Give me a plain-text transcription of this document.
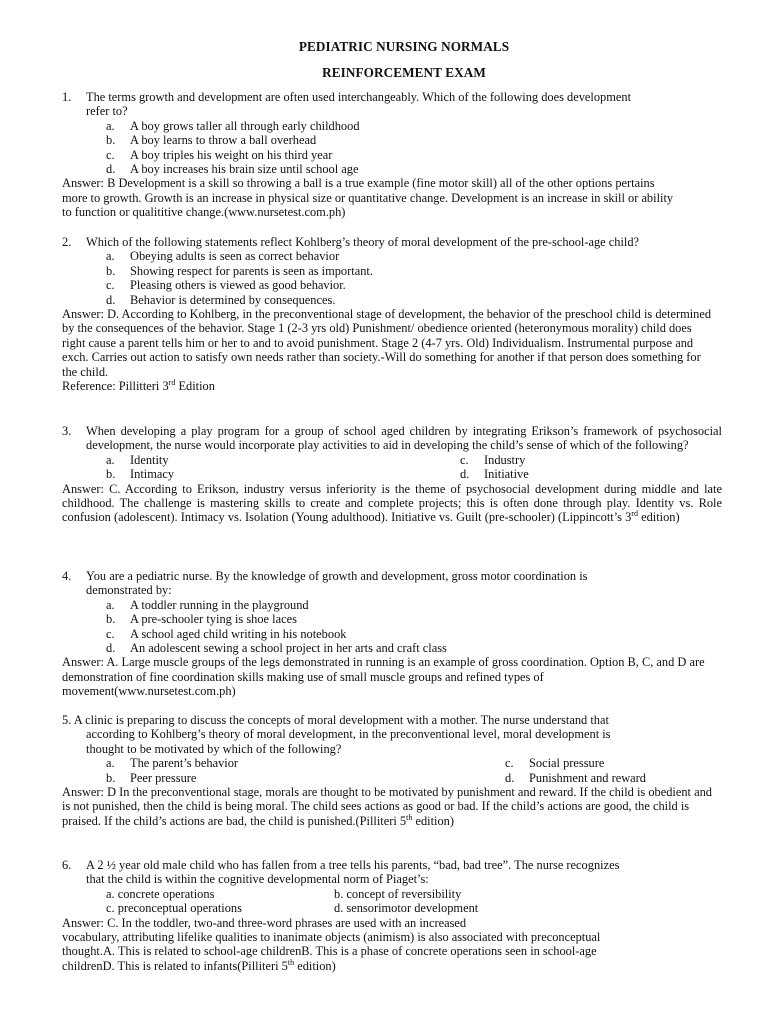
PEDIATRIC NURSING NORMALS
REINFORCEMENT EXAM
1. The terms growth and development are often used interchangeably. Which of the following does development
refer to?
a. A boy grows taller all through early childhood
b. A boy learns to throw a ball overhead
c. A boy triples his weight on his third year
d. A boy increases his brain size until school age
Answer: B Development is a skill so throwing a ball is a true example (fine motor skill) all of the other options pertains more to growth. Growth is an increase in physical size or quantitative change. Development is an increase in skill or ability to function or qualititive change.(www.nursetest.com.ph)
2. Which of the following statements reflect Kohlberg’s theory of moral development of the pre-school-age child?
a. Obeying adults is seen as correct behavior
b. Showing respect for parents is seen as important.
c. Pleasing others is viewed as good behavior.
d. Behavior is determined by consequences.
Answer: D. According to Kohlberg, in the preconventional stage of development, the behavior of the preschool child is determined by the consequences of the behavior. Stage 1 (2-3 yrs old) Punishment/ obedience oriented (heteronymous morality) child does right cause a parent tells him or her to and to avoid punishment. Stage 2 (4-7 yrs. Old) Individualism. Instrumental purpose and exch. Carries out action to satisfy own needs rather than society.-Will do something for another if that person does something for the child.
Reference: Pillitteri 3rd Edition
3. When developing a play program for a group of school aged children by integrating Erikson’s framework of psychosocial development, the nurse would incorporate play activities to aid in developing the child’s sense of which of the following?
a. Identity	c. Industry
b. Intimacy	d. Initiative
Answer: C. According to Erikson, industry versus inferiority is the theme of psychosocial development during middle and late childhood. The challenge is mastering skills to create and complete projects; this is often done through play. Identity vs. Role confusion (adolescent). Intimacy vs. Isolation (Young adulthood). Initiative vs. Guilt (pre-schooler) (Lippincott’s 3rd edition)
4. You are a pediatric nurse. By the knowledge of growth and development, gross motor coordination is
demonstrated by:
a. A toddler running in the playground
b. A pre-schooler tying is shoe laces
c. A school aged child writing in his notebook
d. An adolescent sewing a school project in her arts and craft class
Answer: A. Large muscle groups of the legs demonstrated in running is an example of gross coordination. Option B, C, and D are demonstration of fine coordination skills making use of small muscle groups and refined types of movement(www.nursetest.com.ph)
5. A clinic is preparing to discuss the concepts of moral development with a mother. The nurse understand that
according to Kohlberg’s theory of moral development, in the preconventional level, moral development is
thought to be motivated by which of the following?
a. The parent’s behavior	c. Social pressure
b. Peer pressure	d. Punishment and reward
Answer: D In the preconventional stage, morals are thought to be motivated by punishment and reward. If the child is obedient and is not punished, then the child is being moral. The child sees actions as good or bad. If the child’s actions are good, the child is praised. If the child’s actions are bad, the child is punished.(Pilliteri 5th edition)
6. A 2 ½ year old male child who has fallen from a tree tells his parents, “bad, bad tree”. The nurse recognizes
that the child is within the cognitive developmental norm of Piaget’s:
a. concrete operations	b. concept of reversibility
c. preconceptual operations	d. sensorimotor development
Answer: C. In the toddler, two-and three-word phrases are used with an increased
vocabulary, attributing lifelike qualities to inanimate objects (animism) is also associated with preconceptual
thought.A. This is related to school-age childrenB. This is a phase of concrete operations seen in school-age
childrenD. This is related to infants(Pilliteri 5th edition)
